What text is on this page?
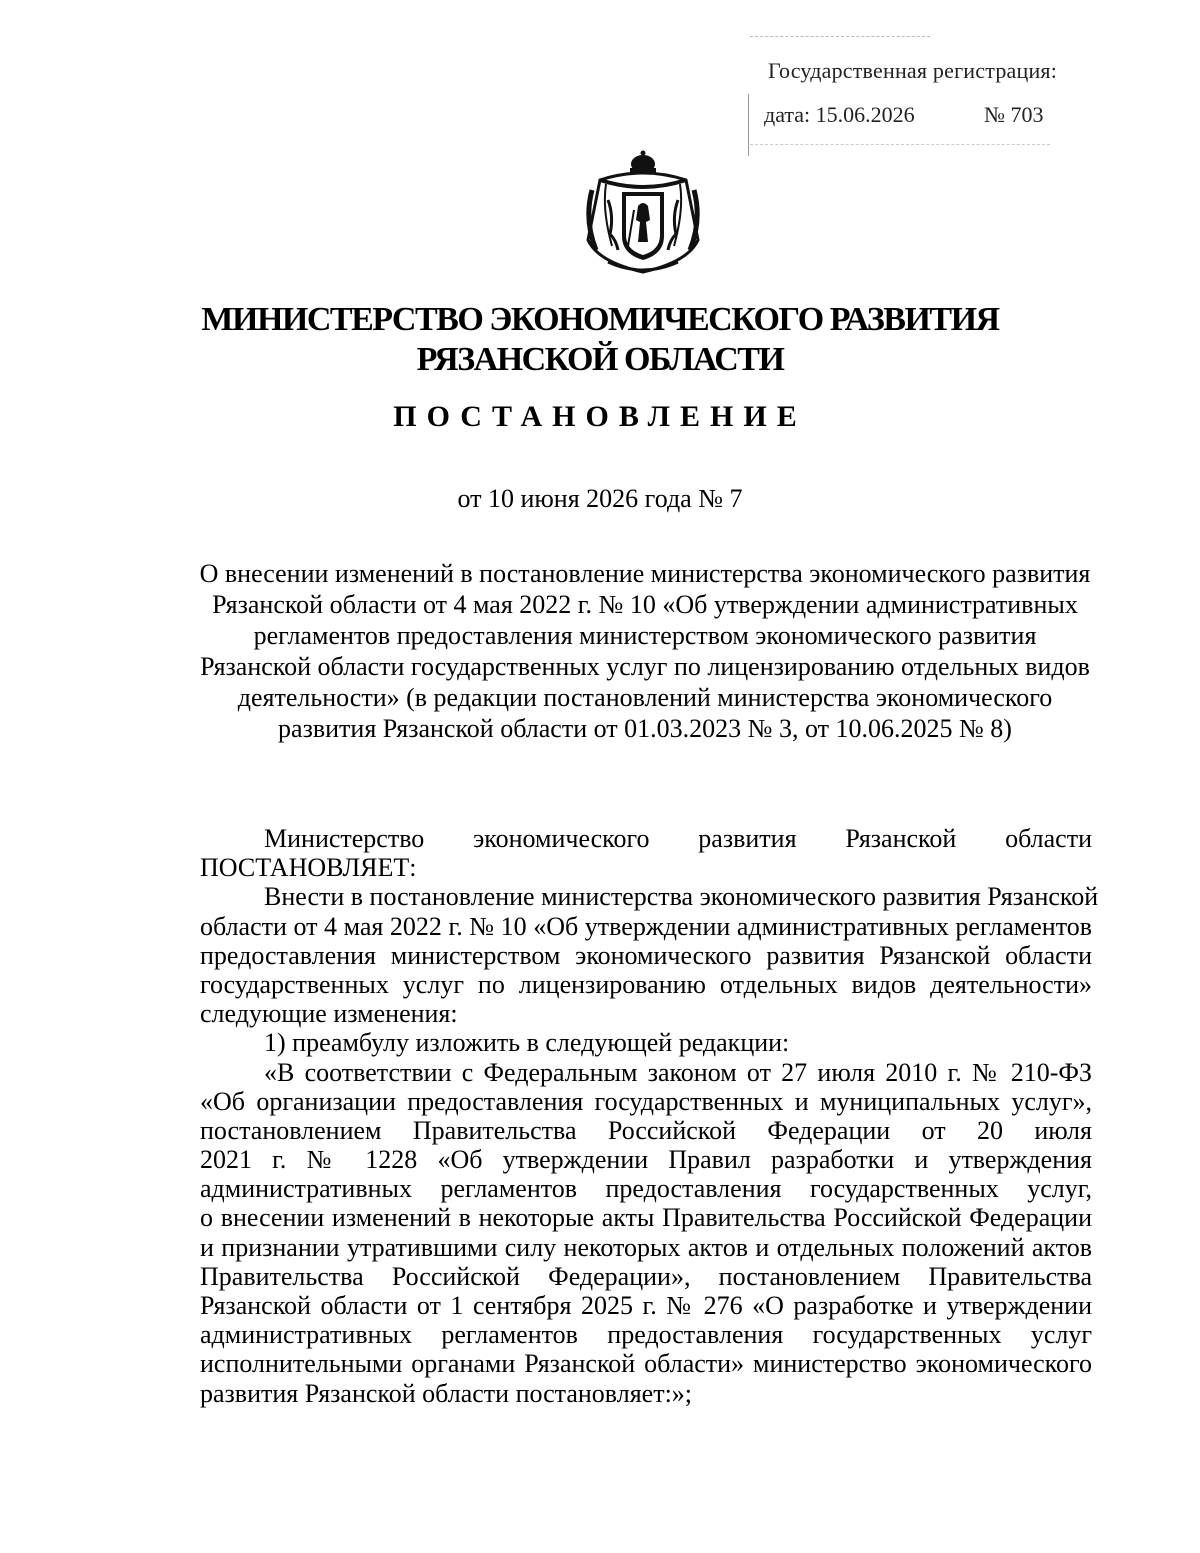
Государственная регистрация:
дата: 15.06.2026	№ 703
МИНИСТЕРСТВО ЭКОНОМИЧЕСКОГО РАЗВИТИЯ
РЯЗАНСКОЙ ОБЛАСТИ
ПОСТАНОВЛЕНИЕ
от 10 июня 2026 года № 7
О внесении изменений в постановление министерства экономического развития
Рязанской области от 4 мая 2022 г. № 10 «Об утверждении административных
регламентов предоставления министерством экономического развития
Рязанской области государственных услуг по лицензированию отдельных видов
деятельности» (в редакции постановлений министерства экономического
развития Рязанской области от 01.03.2023 № 3, от 10.06.2025 № 8)
Министерство экономического развития Рязанской области
ПОСТАНОВЛЯЕТ:
Внести в постановление министерства экономического развития Рязанской
области от 4 мая 2022 г. № 10 «Об утверждении административных регламентов
предоставления министерством экономического развития Рязанской области
государственных услуг по лицензированию отдельных видов деятельности»
следующие изменения:
1) преамбулу изложить в следующей редакции:
«В соответствии с Федеральным законом от 27 июля 2010 г. № 210-ФЗ
«Об организации предоставления государственных и муниципальных услуг»,
постановлением Правительства Российской Федерации от 20 июля
2021 г. № 1228 «Об утверждении Правил разработки и утверждения
административных регламентов предоставления государственных услуг,
о внесении изменений в некоторые акты Правительства Российской Федерации
и признании утратившими силу некоторых актов и отдельных положений актов
Правительства Российской Федерации», постановлением Правительства
Рязанской области от 1 сентября 2025 г. № 276 «О разработке и утверждении
административных регламентов предоставления государственных услуг
исполнительными органами Рязанской области» министерство экономического
развития Рязанской области постановляет:»;
